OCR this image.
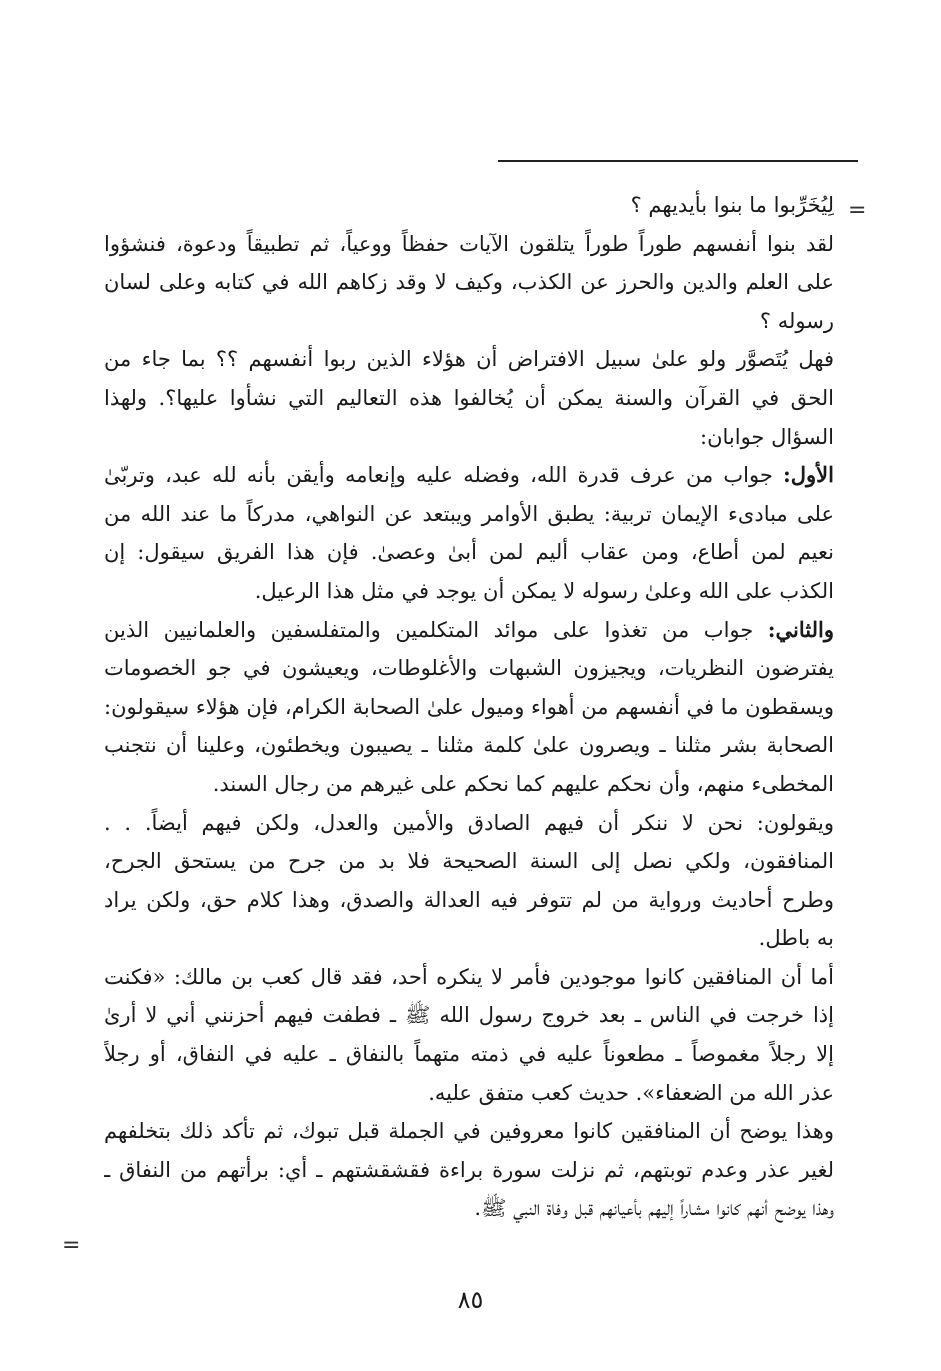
=
لِيُخَرِّبوا ما بنوا بأيديهم ؟
لقد بنوا أنفسهم طوراً طوراً يتلقون الآيات حفظاً ووعياً، ثم تطبيقاً ودعوة، فنشؤوا
على العلم والدين والحرز عن الكذب، وكيف لا وقد زكاهم الله في كتابه وعلى لسان
رسوله ؟
فهل يُتَصوَّر ولو علىٰ سبيل الافتراض أن هؤلاء الذين ربوا أنفسهم ؟؟ بما جاء من
الحق في القرآن والسنة يمكن أن يُخالفوا هذه التعاليم التي نشأوا عليها؟. ولهذا
السؤال جوابان:
الأول: جواب من عرف قدرة الله، وفضله عليه وإنعامه وأيقن بأنه لله عبد، وتربّىٰ
على مبادىء الإيمان تربية: يطبق الأوامر ويبتعد عن النواهي، مدركاً ما عند الله من
نعيم لمن أطاع، ومن عقاب أليم لمن أبىٰ وعصىٰ. فإن هذا الفريق سيقول: إن
الكذب على الله وعلىٰ رسوله لا يمكن أن يوجد في مثل هذا الرعيل.
والثاني: جواب من تغذوا على موائد المتكلمين والمتفلسفين والعلمانيين الذين
يفترضون النظريات، ويجيزون الشبهات والأغلوطات، ويعيشون في جو الخصومات
ويسقطون ما في أنفسهم من أهواء وميول علىٰ الصحابة الكرام، فإن هؤلاء سيقولون:
الصحابة بشر مثلنا ـ ويصرون علىٰ كلمة مثلنا ـ يصيبون ويخطئون، وعلينا أن نتجنب
المخطىء منهم، وأن نحكم عليهم كما نحكم على غيرهم من رجال السند.
ويقولون: نحن لا ننكر أن فيهم الصادق والأمين والعدل، ولكن فيهم أيضاً. . .
المنافقون، ولكي نصل إلى السنة الصحيحة فلا بد من جرح من يستحق الجرح،
وطرح أحاديث ورواية من لم تتوفر فيه العدالة والصدق، وهذا كلام حق، ولكن يراد
به باطل.
أما أن المنافقين كانوا موجودين فأمر لا ينكره أحد، فقد قال كعب بن مالك: «فكنت
إذا خرجت في الناس ـ بعد خروج رسول الله ﷺ ـ فطفت فيهم أحزنني أني لا أرىٰ
إلا رجلاً مغموصاً ـ مطعوناً عليه في ذمته متهماً بالنفاق ـ عليه في النفاق، أو رجلاً
عذر الله من الضعفاء». حديث كعب متفق عليه.
وهذا يوضح أن المنافقين كانوا معروفين في الجملة قبل تبوك، ثم تأكد ذلك بتخلفهم
لغير عذر وعدم توبتهم، ثم نزلت سورة براءة فقشقشتهم ـ أي: برأتهم من النفاق ـ
وهذا يوضح أنهم كانوا مشاراً إليهم بأعيانهم قبل وفاة النبي ﷺ.
=
٨٥
